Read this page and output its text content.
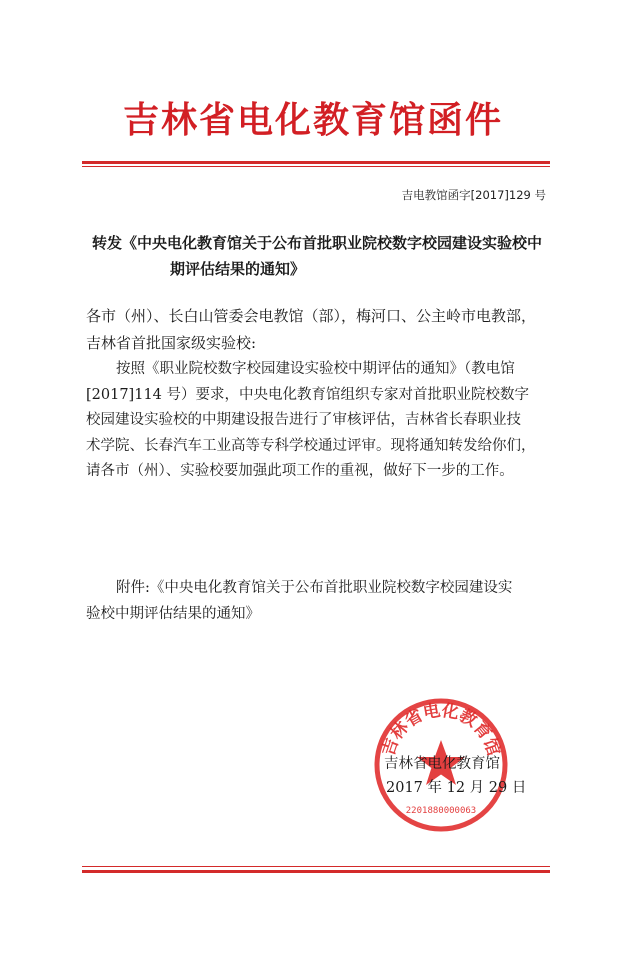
吉林省电化教育馆函件
吉电教馆函字[2017]129 号
转发《中央电化教育馆关于公布首批职业院校数字校园建设实验校中
期评估结果的通知》
各市（州）、长白山管委会电教馆（部），梅河口、公主岭市电教部，
吉林省首批国家级实验校:
按照《职业院校数字校园建设实验校中期评估的通知》（教电馆
[2017]114 号）要求，中央电化教育馆组织专家对首批职业院校数字
校园建设实验校的中期建设报告进行了审核评估，吉林省长春职业技
术学院、长春汽车工业高等专科学校通过评审。现将通知转发给你们，
请各市（州）、实验校要加强此项工作的重视，做好下一步的工作。
附件:《中央电化教育馆关于公布首批职业院校数字校园建设实
验校中期评估结果的通知》
吉林省电化教育馆
2201880000063
吉林省电化教育馆
2017 年 12 月 29 日
